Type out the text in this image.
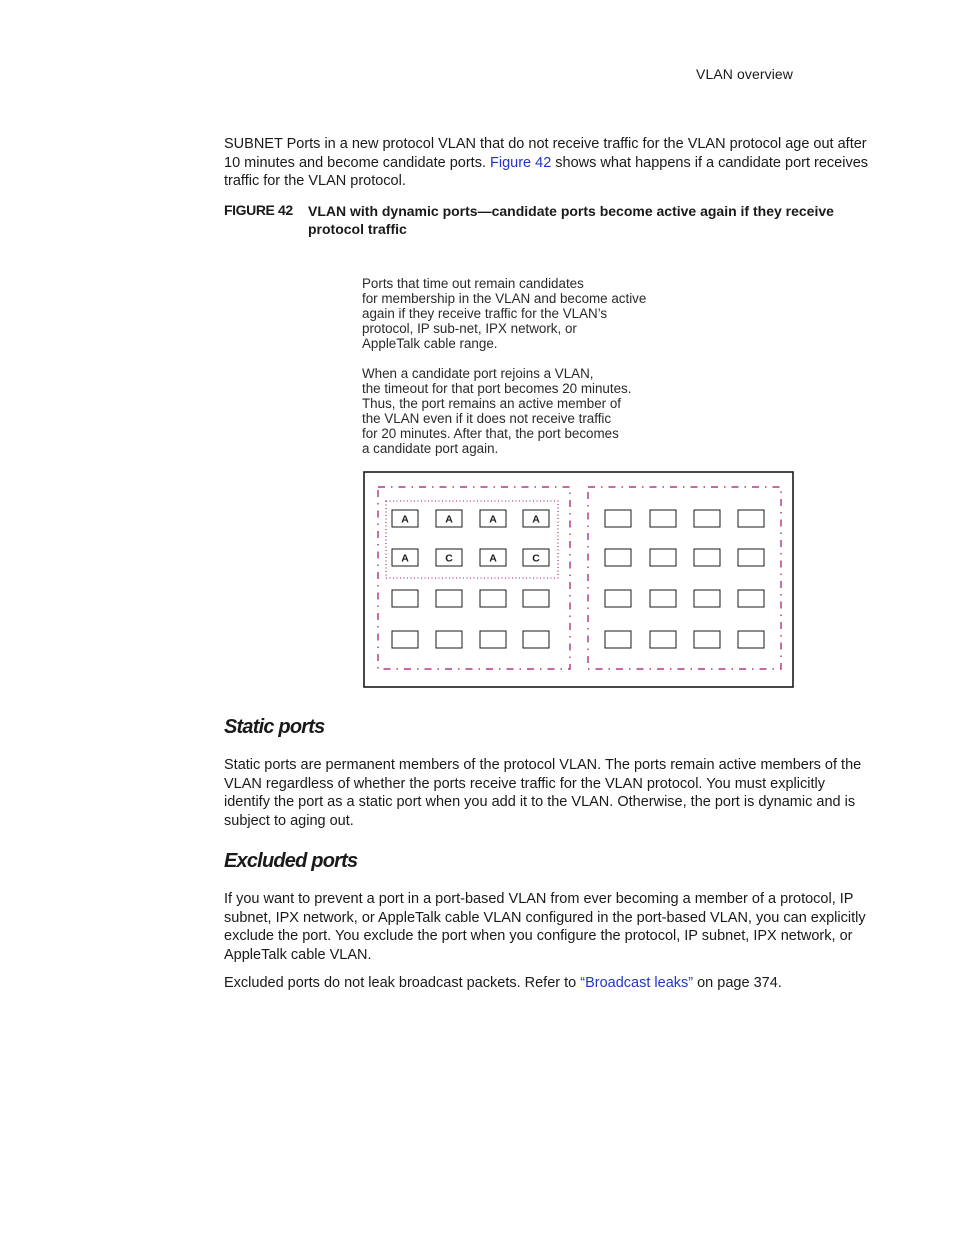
VLAN overview

SUBNET Ports in a new protocol VLAN that do not receive traffic for the VLAN protocol age out after 10 minutes and become candidate ports. Figure 42 shows what happens if a candidate port receives traffic for the VLAN protocol.

FIGURE 42 VLAN with dynamic ports—candidate ports become active again if they receive protocol traffic

Ports that time out remain candidates
for membership in the VLAN and become active
again if they receive traffic for the VLAN’s
protocol, IP sub-net, IPX network, or
AppleTalk cable range.

When a candidate port rejoins a VLAN,
the timeout for that port becomes 20 minutes.
Thus, the port remains an active member of
the VLAN even if it does not receive traffic
for 20 minutes. After that, the port becomes
a candidate port again.

A	A	A	A
A	C	A	C
Static ports

Static ports are permanent members of the protocol VLAN. The ports remain active members of the VLAN regardless of whether the ports receive traffic for the VLAN protocol. You must explicitly identify the port as a static port when you add it to the VLAN. Otherwise, the port is dynamic and is subject to aging out.

Excluded ports

If you want to prevent a port in a port-based VLAN from ever becoming a member of a protocol, IP subnet, IPX network, or AppleTalk cable VLAN configured in the port-based VLAN, you can explicitly exclude the port. You exclude the port when you configure the protocol, IP subnet, IPX network, or AppleTalk cable VLAN.

Excluded ports do not leak broadcast packets. Refer to “Broadcast leaks” on page 374.
